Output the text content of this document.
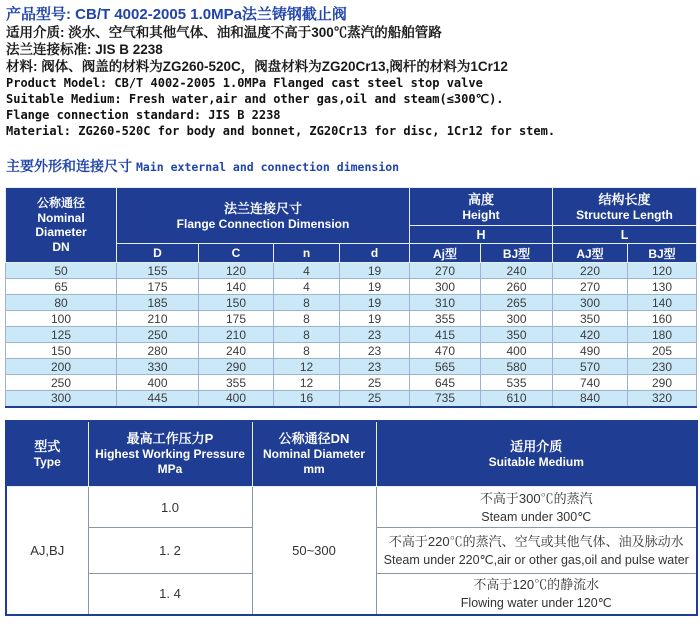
产品型号: CB/T 4002-2005 1.0MPa法兰铸钢截止阀
适用介质: 淡水、空气和其他气体、油和温度不高于300℃蒸汽的船舶管路
法兰连接标准: JIS B 2238
材料: 阀体、阀盖的材料为ZG260-520C，阀盘材料为ZG20Cr13,阀杆的材料为1Cr12
Product Model: CB/T 4002-2005 1.0MPa Flanged cast steel stop valve
Suitable Medium: Fresh water,air and other gas,oil and steam(≤300℃).
Flange connection standard: JIS B 2238
Material: ZG260-520C for body and bonnet, ZG20Cr13 for disc, 1Cr12 for stem.
主要外形和连接尺寸 Main external and connection dimension
公称通径
Nominal
Diameter
DN	法兰连接尺寸
Flange Connection Dimension				高度
Height		结构长度
Structure Length	

					H		L	
	D	C	n	d	Aj型	BJ型	AJ型	BJ型
50	155	120	4	19	270	240	220	120
65	175	140	4	19	300	260	270	130
80	185	150	8	19	310	265	300	140
100	210	175	8	19	355	300	350	160
125	250	210	8	23	415	350	420	180
150	280	240	8	23	470	400	490	205
200	330	290	12	23	565	580	570	230
250	400	355	12	25	645	535	740	290
300	445	400	16	25	735	610	840	320
型式
Type	最高工作压力P
Highest Working Pressure
MPa	公称通径DN
Nominal Diameter
mm	适用介质
Suitable Medium

AJ,BJ	1.0	50~300	不高于300℃的蒸汽
Steam under 300℃

	1. 2		不高于220℃的蒸汽、空气或其他气体、油及脉动水
Steam under 220℃,air or other gas,oil and pulse water

	1. 4		不高于120℃的静流水
Flowing water under 120℃
